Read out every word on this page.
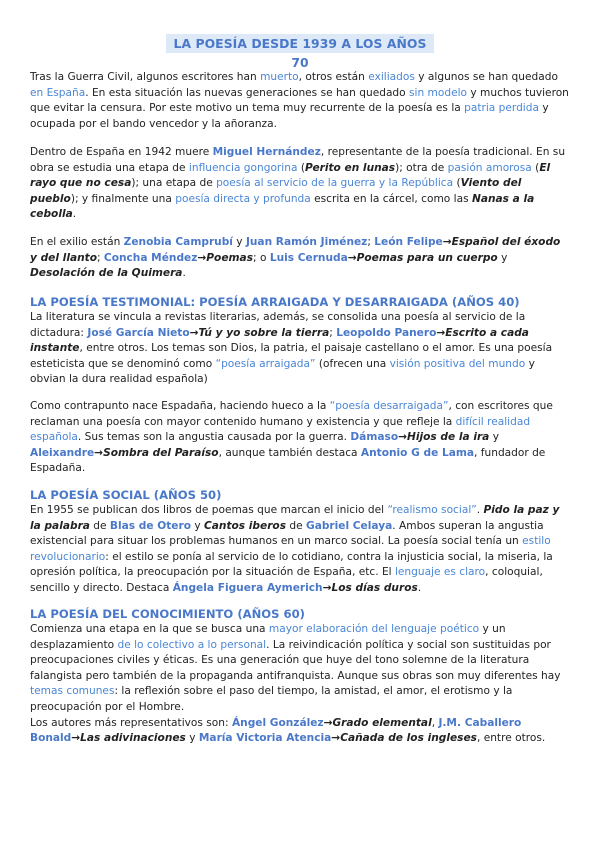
LA POESÍA DESDE 1939 A LOS AÑOS 70

Tras la Guerra Civil, algunos escritores han muerto, otros están exiliados y algunos se han quedado en España. En esta situación las nuevas generaciones se han quedado sin modelo y muchos tuvieron que evitar la censura. Por este motivo un tema muy recurrente de la poesía es la patria perdida y ocupada por el bando vencedor y la añoranza.

Dentro de España en 1942 muere Miguel Hernández, representante de la poesía tradicional. En su obra se estudia una etapa de influencia gongorina (Perito en lunas); otra de pasión amorosa (El rayo que no cesa); una etapa de poesía al servicio de la guerra y la República (Viento del pueblo); y finalmente una poesía directa y profunda escrita en la cárcel, como las Nanas a la cebolla.

En el exilio están Zenobia Camprubí y Juan Ramón Jiménez; León Felipe→Español del éxodo y del llanto; Concha Méndez→Poemas; o Luis Cernuda→Poemas para un cuerpo y Desolación de la Quimera.

LA POESÍA TESTIMONIAL: POESÍA ARRAIGADA Y DESARRAIGADA (AÑOS 40)

La literatura se vincula a revistas literarias, además, se consolida una poesía al servicio de la dictadura: José García Nieto→Tú y yo sobre la tierra; Leopoldo Panero→Escrito a cada instante, entre otros. Los temas son Dios, la patria, el paisaje castellano o el amor. Es una poesía esteticista que se denominó como “poesía arraigada” (ofrecen una visión positiva del mundo y obvian la dura realidad española)

Como contrapunto nace Espadaña, haciendo hueco a la “poesía desarraigada”, con escritores que reclaman una poesía con mayor contenido humano y existencia y que refleje la difícil realidad española. Sus temas son la angustia causada por la guerra. Dámaso→Hijos de la ira y Aleixandre→Sombra del Paraíso, aunque también destaca Antonio G de Lama, fundador de Espadaña.

LA POESÍA SOCIAL (AÑOS 50)

En 1955 se publican dos libros de poemas que marcan el inicio del “realismo social”. Pido la paz y la palabra de Blas de Otero y Cantos iberos de Gabriel Celaya. Ambos superan la angustia existencial para situar los problemas humanos en un marco social. La poesía social tenía un estilo revolucionario: el estilo se ponía al servicio de lo cotidiano, contra la injusticia social, la miseria, la opresión política, la preocupación por la situación de España, etc. El lenguaje es claro, coloquial, sencillo y directo. Destaca Ángela Figuera Aymerich→Los días duros.

LA POESÍA DEL CONOCIMIENTO (AÑOS 60)

Comienza una etapa en la que se busca una mayor elaboración del lenguaje poético y un desplazamiento de lo colectivo a lo personal. La reivindicación política y social son sustituidas por preocupaciones civiles y éticas. Es una generación que huye del tono solemne de la literatura falangista pero también de la propaganda antifranquista. Aunque sus obras son muy diferentes hay temas comunes: la reflexión sobre el paso del tiempo, la amistad, el amor, el erotismo y la preocupación por el Hombre.
Los autores más representativos son: Ángel González→Grado elemental, J.M. Caballero Bonald→Las adivinaciones y María Victoria Atencia→Cañada de los ingleses, entre otros.
